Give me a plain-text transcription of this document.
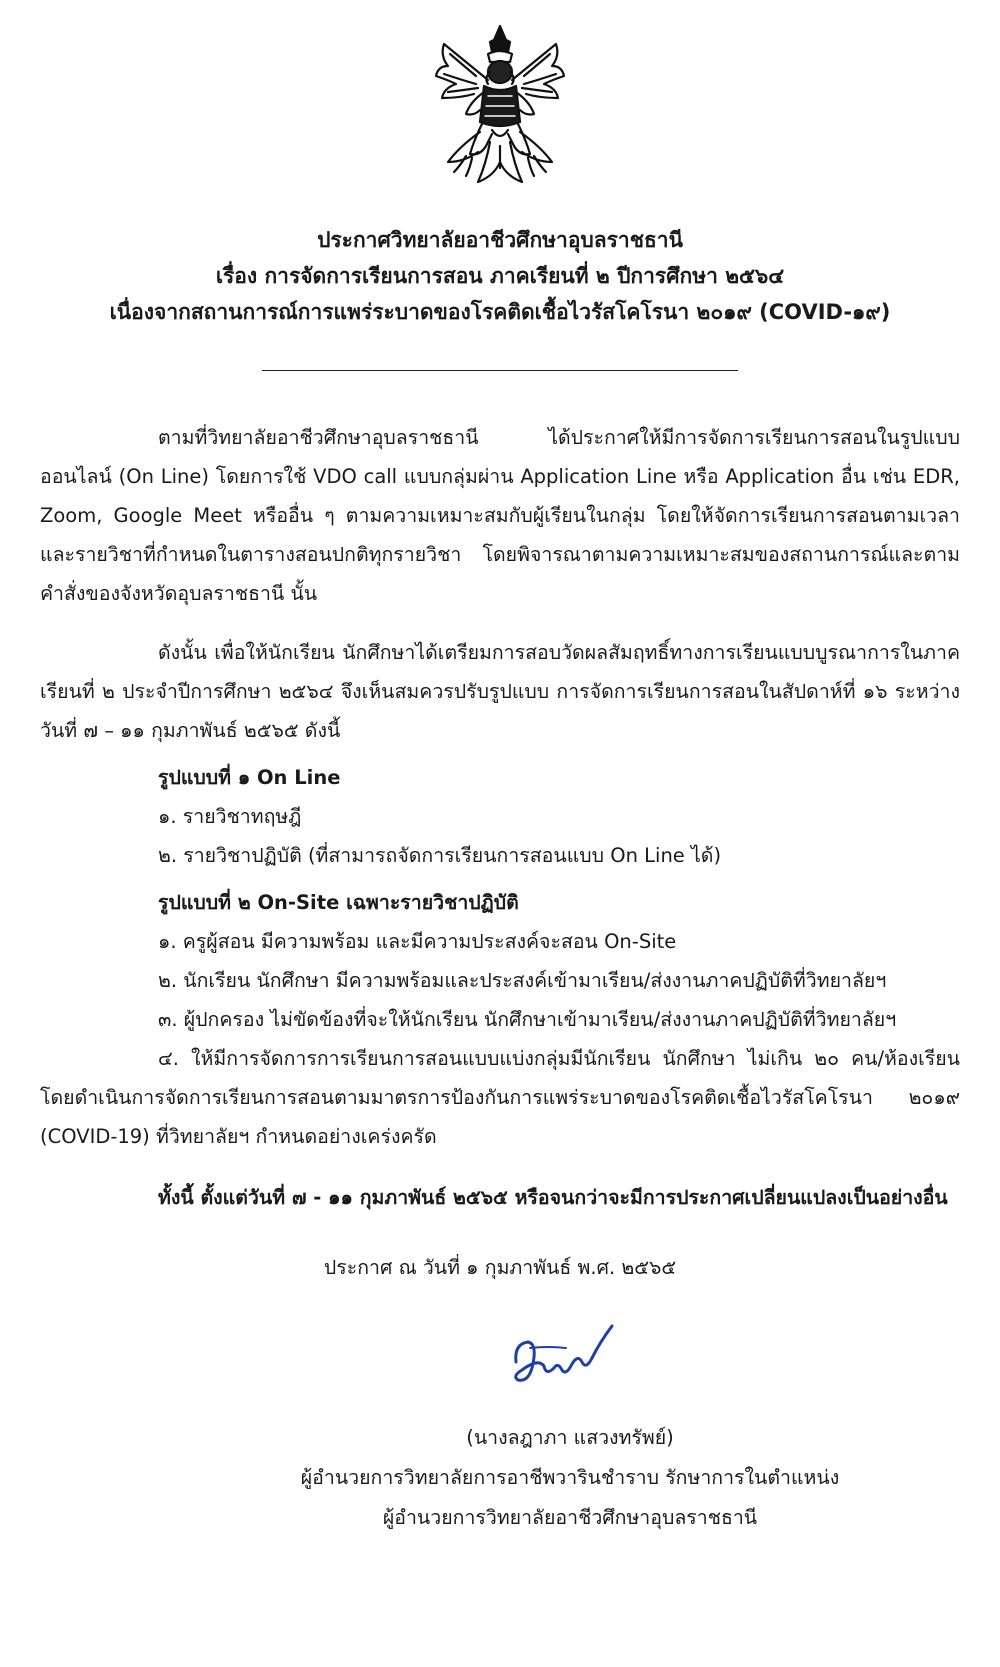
ประกาศวิทยาลัยอาชีวศึกษาอุบลราชธานี
เรื่อง การจัดการเรียนการสอน ภาคเรียนที่ ๒ ปีการศึกษา ๒๕๖๔
เนื่องจากสถานการณ์การแพร่ระบาดของโรคติดเชื้อไวรัสโคโรนา ๒๐๑๙ (COVID-๑๙)

ตามที่วิทยาลัยอาชีวศึกษาอุบลราชธานี ได้ประกาศให้มีการจัดการเรียนการสอนในรูปแบบออนไลน์ (On Line) โดยการใช้ VDO call แบบกลุ่มผ่าน Application Line หรือ Application อื่น เช่น EDR, Zoom, Google Meet หรืออื่น ๆ ตามความเหมาะสมกับผู้เรียนในกลุ่ม โดยให้จัดการเรียนการสอนตามเวลาและรายวิชาที่กำหนดในตารางสอนปกติทุกรายวิชา โดยพิจารณาตามความเหมาะสมของสถานการณ์และตามคำสั่งของจังหวัดอุบลราชธานี นั้น

ดังนั้น เพื่อให้นักเรียน นักศึกษาได้เตรียมการสอบวัดผลสัมฤทธิ์ทางการเรียนแบบบูรณาการในภาคเรียนที่ ๒ ประจำปีการศึกษา ๒๕๖๔ จึงเห็นสมควรปรับรูปแบบ การจัดการเรียนการสอนในสัปดาห์ที่ ๑๖ ระหว่างวันที่ ๗ – ๑๑ กุมภาพันธ์ ๒๕๖๕ ดังนี้

รูปแบบที่ ๑ On Line

๑. รายวิชาทฤษฎี

๒. รายวิชาปฏิบัติ (ที่สามารถจัดการเรียนการสอนแบบ On Line ได้)

รูปแบบที่ ๒ On-Site เฉพาะรายวิชาปฏิบัติ

๑. ครูผู้สอน มีความพร้อม และมีความประสงค์จะสอน On-Site

๒. นักเรียน นักศึกษา มีความพร้อมและประสงค์เข้ามาเรียน/ส่งงานภาคปฏิบัติที่วิทยาลัยฯ

๓. ผู้ปกครอง ไม่ขัดข้องที่จะให้นักเรียน นักศึกษาเข้ามาเรียน/ส่งงานภาคปฏิบัติที่วิทยาลัยฯ

๔. ให้มีการจัดการการเรียนการสอนแบบแบ่งกลุ่มมีนักเรียน นักศึกษา ไม่เกิน ๒๐ คน/ห้องเรียน โดยดำเนินการจัดการเรียนการสอนตามมาตรการป้องกันการแพร่ระบาดของโรคติดเชื้อไวรัสโคโรนา ๒๐๑๙ (COVID-19) ที่วิทยาลัยฯ กำหนดอย่างเคร่งครัด

ทั้งนี้ ตั้งแต่วันที่ ๗ - ๑๑ กุมภาพันธ์ ๒๕๖๕ หรือจนกว่าจะมีการประกาศเปลี่ยนแปลงเป็นอย่างอื่น

ประกาศ ณ วันที่ ๑ กุมภาพันธ์ พ.ศ. ๒๕๖๕
(นางลฎาภา แสวงทรัพย์)
ผู้อำนวยการวิทยาลัยการอาชีพวารินชำราบ รักษาการในตำแหน่ง
ผู้อำนวยการวิทยาลัยอาชีวศึกษาอุบลราชธานี
